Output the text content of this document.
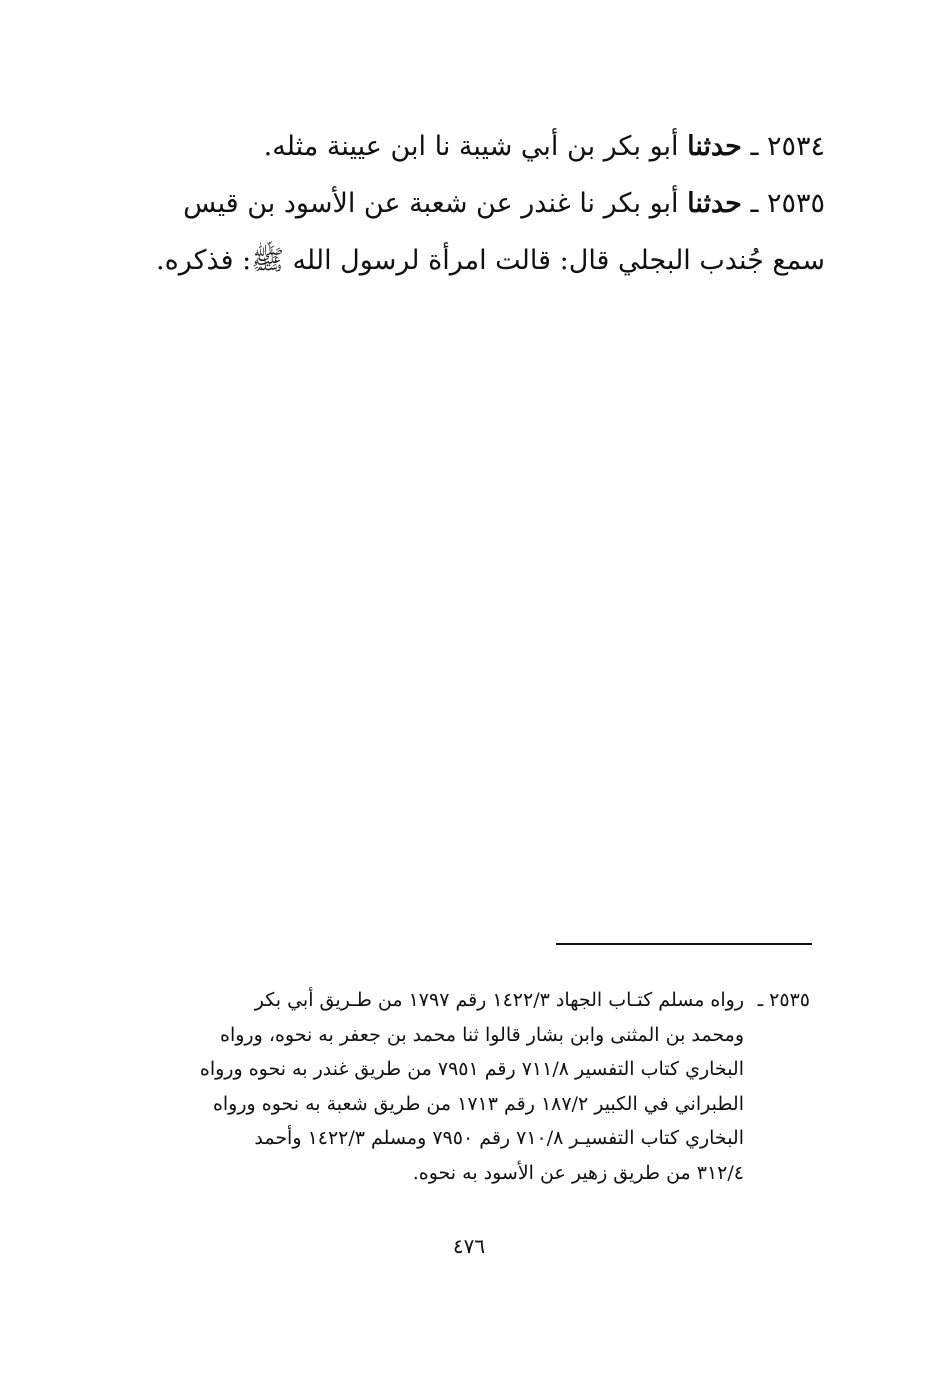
٢٥٣٤ ـ حدثنا أبو بكر بن أبي شيبة نا ابن عيينة مثله.

٢٥٣٥ ـ حدثنا أبو بكر نا غندر عن شعبة عن الأسود بن قيس
سمع جُندب البجلي قال: قالت امرأة لرسول الله ﷺ: فذكره.

٢٥٣٥ ـرواه مسلم كتـاب الجهاد ١٤٢٢/٣ رقم ١٧٩٧ من طـريق أبي بكر
ومحمد بن المثنى وابن بشار قالوا ثنا محمد بن جعفر به نحوه، ورواه
البخاري كتاب التفسير ٧١١/٨ رقم ٧٩٥١ من طريق غندر به نحوه ورواه
الطبراني في الكبير ١٨٧/٢ رقم ١٧١٣ من طريق شعبة به نحوه ورواه
البخاري كتاب التفسيـر ٧١٠/٨ رقم ٧٩٥٠ ومسلم ١٤٢٢/٣ وأحمد
٣١٢/٤ من طريق زهير عن الأسود به نحوه.
٤٧٦
